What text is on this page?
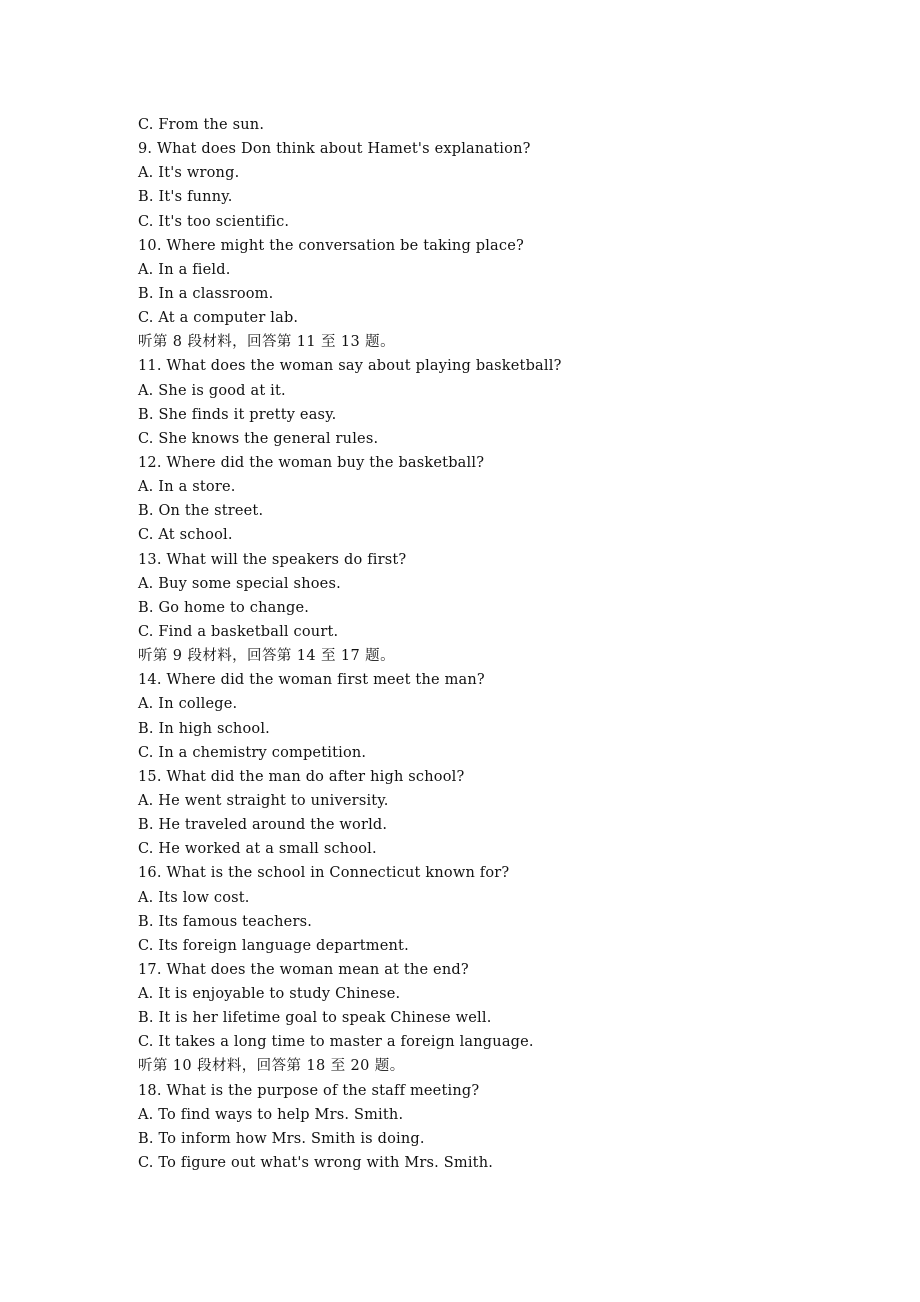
C. From the sun.
9. What does Don think about Hamet's explanation?
A. It's wrong.
B. It's funny.
C. It's too scientific.
10. Where might the conversation be taking place?
A. In a field.
B. In a classroom.
C. At a computer lab.
听第 8 段材料，回答第 11 至 13 题。
11. What does the woman say about playing basketball?
A. She is good at it.
B. She finds it pretty easy.
C. She knows the general rules.
12. Where did the woman buy the basketball?
A. In a store.
B. On the street.
C. At school.
13. What will the speakers do first?
A. Buy some special shoes.
B. Go home to change.
C. Find a basketball court.
听第 9 段材料，回答第 14 至 17 题。
14. Where did the woman first meet the man?
A. In college.
B. In high school.
C. In a chemistry competition.
15. What did the man do after high school?
A. He went straight to university.
B. He traveled around the world.
C. He worked at a small school.
16. What is the school in Connecticut known for?
A. Its low cost.
B. Its famous teachers.
C. Its foreign language department.
17. What does the woman mean at the end?
A. It is enjoyable to study Chinese.
B. It is her lifetime goal to speak Chinese well.
C. It takes a long time to master a foreign language.
听第 10 段材料，回答第 18 至 20 题。
18. What is the purpose of the staff meeting?
A. To find ways to help Mrs. Smith.
B. To inform how Mrs. Smith is doing.
C. To figure out what's wrong with Mrs. Smith.
